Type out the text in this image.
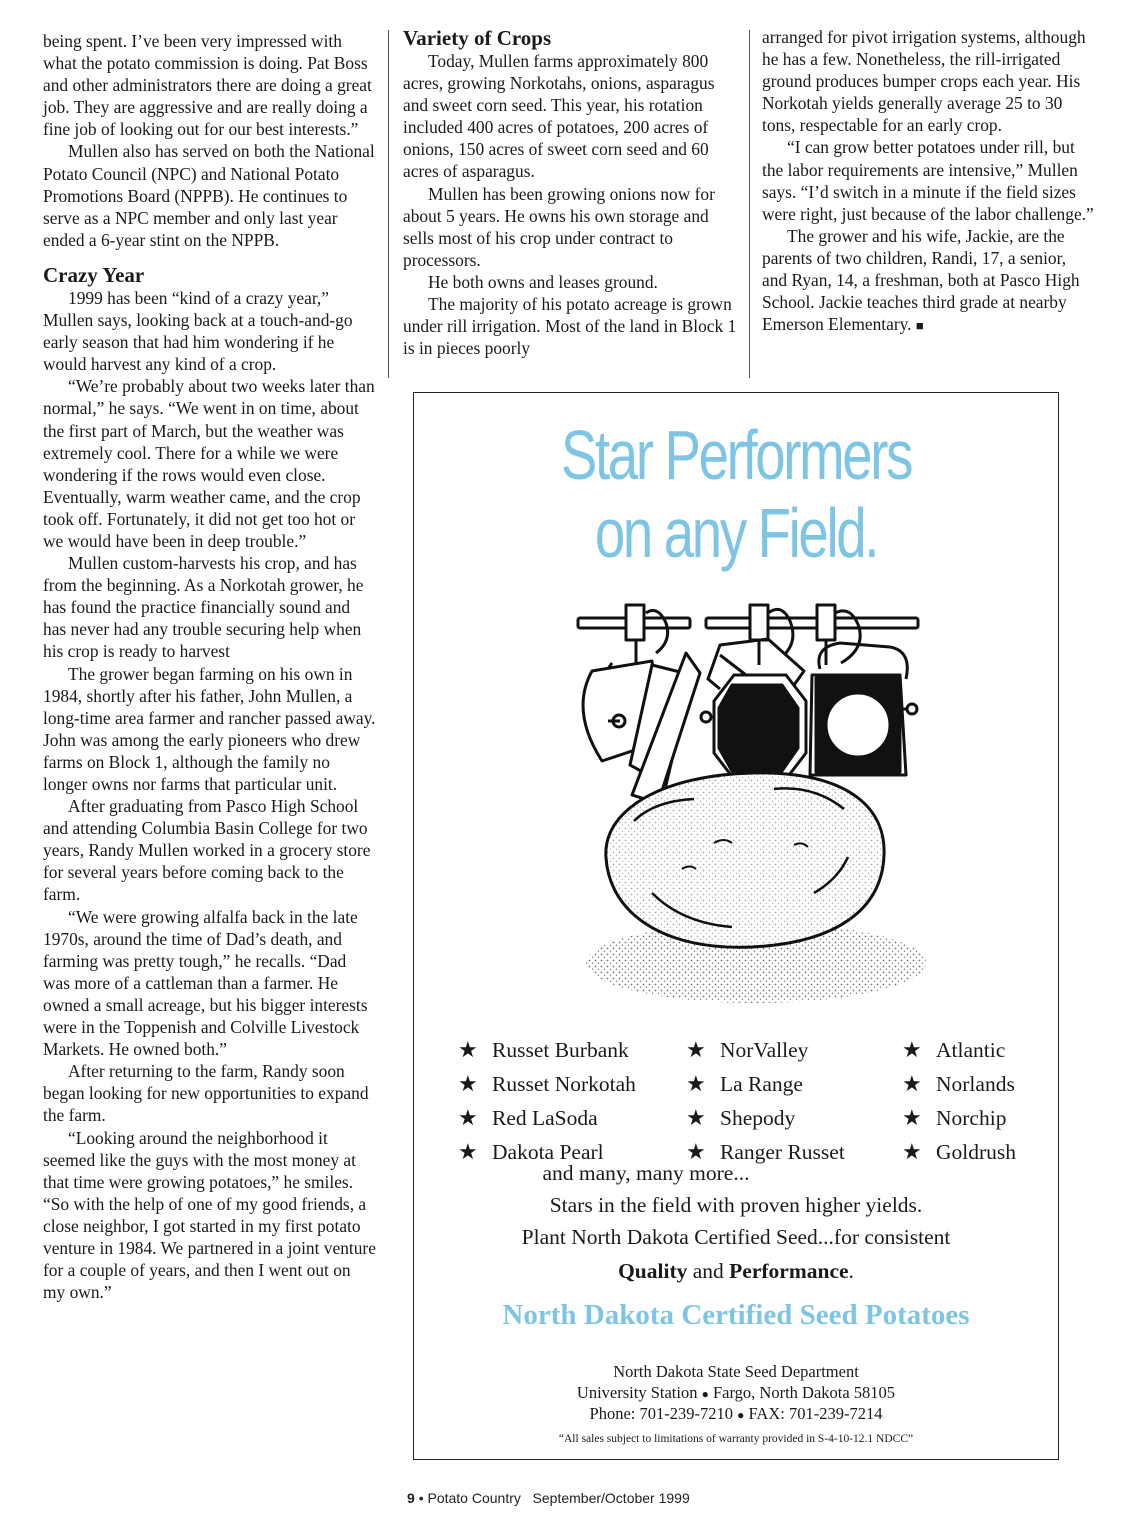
being spent. I’ve been very impressed with what the potato commission is doing. Pat Boss and other administrators there are doing a great job. They are aggressive and are really doing a fine job of looking out for our best interests.”

Mullen also has served on both the National Potato Council (NPC) and National Potato Promotions Board (NPPB). He continues to serve as a NPC member and only last year ended a 6-year stint on the NPPB.

Crazy Year

1999 has been “kind of a crazy year,” Mullen says, looking back at a touch-and-go early season that had him wondering if he would harvest any kind of a crop.

“We’re probably about two weeks later than normal,” he says. “We went in on time, about the first part of March, but the weather was extremely cool. There for a while we were wondering if the rows would even close. Eventually, warm weather came, and the crop took off. Fortunately, it did not get too hot or we would have been in deep trouble.”

Mullen custom-harvests his crop, and has from the beginning. As a Norkotah grower, he has found the practice financially sound and has never had any trouble securing help when his crop is ready to harvest

The grower began farming on his own in 1984, shortly after his father, John Mullen, a long-time area farmer and rancher passed away. John was among the early pioneers who drew farms on Block 1, although the family no longer owns nor farms that particular unit.

After graduating from Pasco High School and attending Columbia Basin College for two years, Randy Mullen worked in a grocery store for several years before coming back to the farm.

“We were growing alfalfa back in the late 1970s, around the time of Dad’s death, and farming was pretty tough,” he recalls. “Dad was more of a cattleman than a farmer. He owned a small acreage, but his bigger interests were in the Toppenish and Colville Livestock Markets. He owned both.”

After returning to the farm, Randy soon began looking for new opportunities to expand the farm.

“Looking around the neighborhood it seemed like the guys with the most money at that time were growing potatoes,” he smiles. “So with the help of one of my good friends, a close neighbor, I got started in my first potato venture in 1984. We partnered in a joint venture for a couple of years, and then I went out on my own.”

Variety of Crops

Today, Mullen farms approximately 800 acres, growing Norkotahs, onions, asparagus and sweet corn seed. This year, his rotation included 400 acres of potatoes, 200 acres of onions, 150 acres of sweet corn seed and 60 acres of asparagus.

Mullen has been growing onions now for about 5 years. He owns his own storage and sells most of his crop under contract to processors.

He both owns and leases ground.

The majority of his potato acreage is grown under rill irrigation. Most of the land in Block 1 is in pieces poorly

arranged for pivot irrigation systems, although he has a few. Nonetheless, the rill-irrigated ground produces bumper crops each year. His Norkotah yields generally average 25 to 30 tons, respectable for an early crop.

“I can grow better potatoes under rill, but the labor requirements are intensive,” Mullen says. “I’d switch in a minute if the field sizes were right, just because of the labor challenge.”

The grower and his wife, Jackie, are the parents of two children, Randi, 17, a senior, and Ryan, 14, a freshman, both at Pasco High School. Jackie teaches third grade at nearby Emerson Elementary. ■

Star Performers
on any Field.
★ Russet Burbank
★ Russet Norkotah
★ Red LaSoda
★ Dakota Pearl
★ NorValley
★ La Range
★ Shepody
★ Ranger Russet
★ Atlantic
★ Norlands
★ Norchip
★ Goldrush
and many, many more...
Stars in the field with proven higher yields.
Plant North Dakota Certified Seed...for consistent
Quality and Performance.
North Dakota Certified Seed Potatoes
North Dakota State Seed Department
University Station ● Fargo, North Dakota 58105
Phone: 701-239-7210 ● FAX: 701-239-7214
“All sales subject to limitations of warranty provided in S-4-10-12.1 NDCC”
9 • Potato Country September/October 1999
